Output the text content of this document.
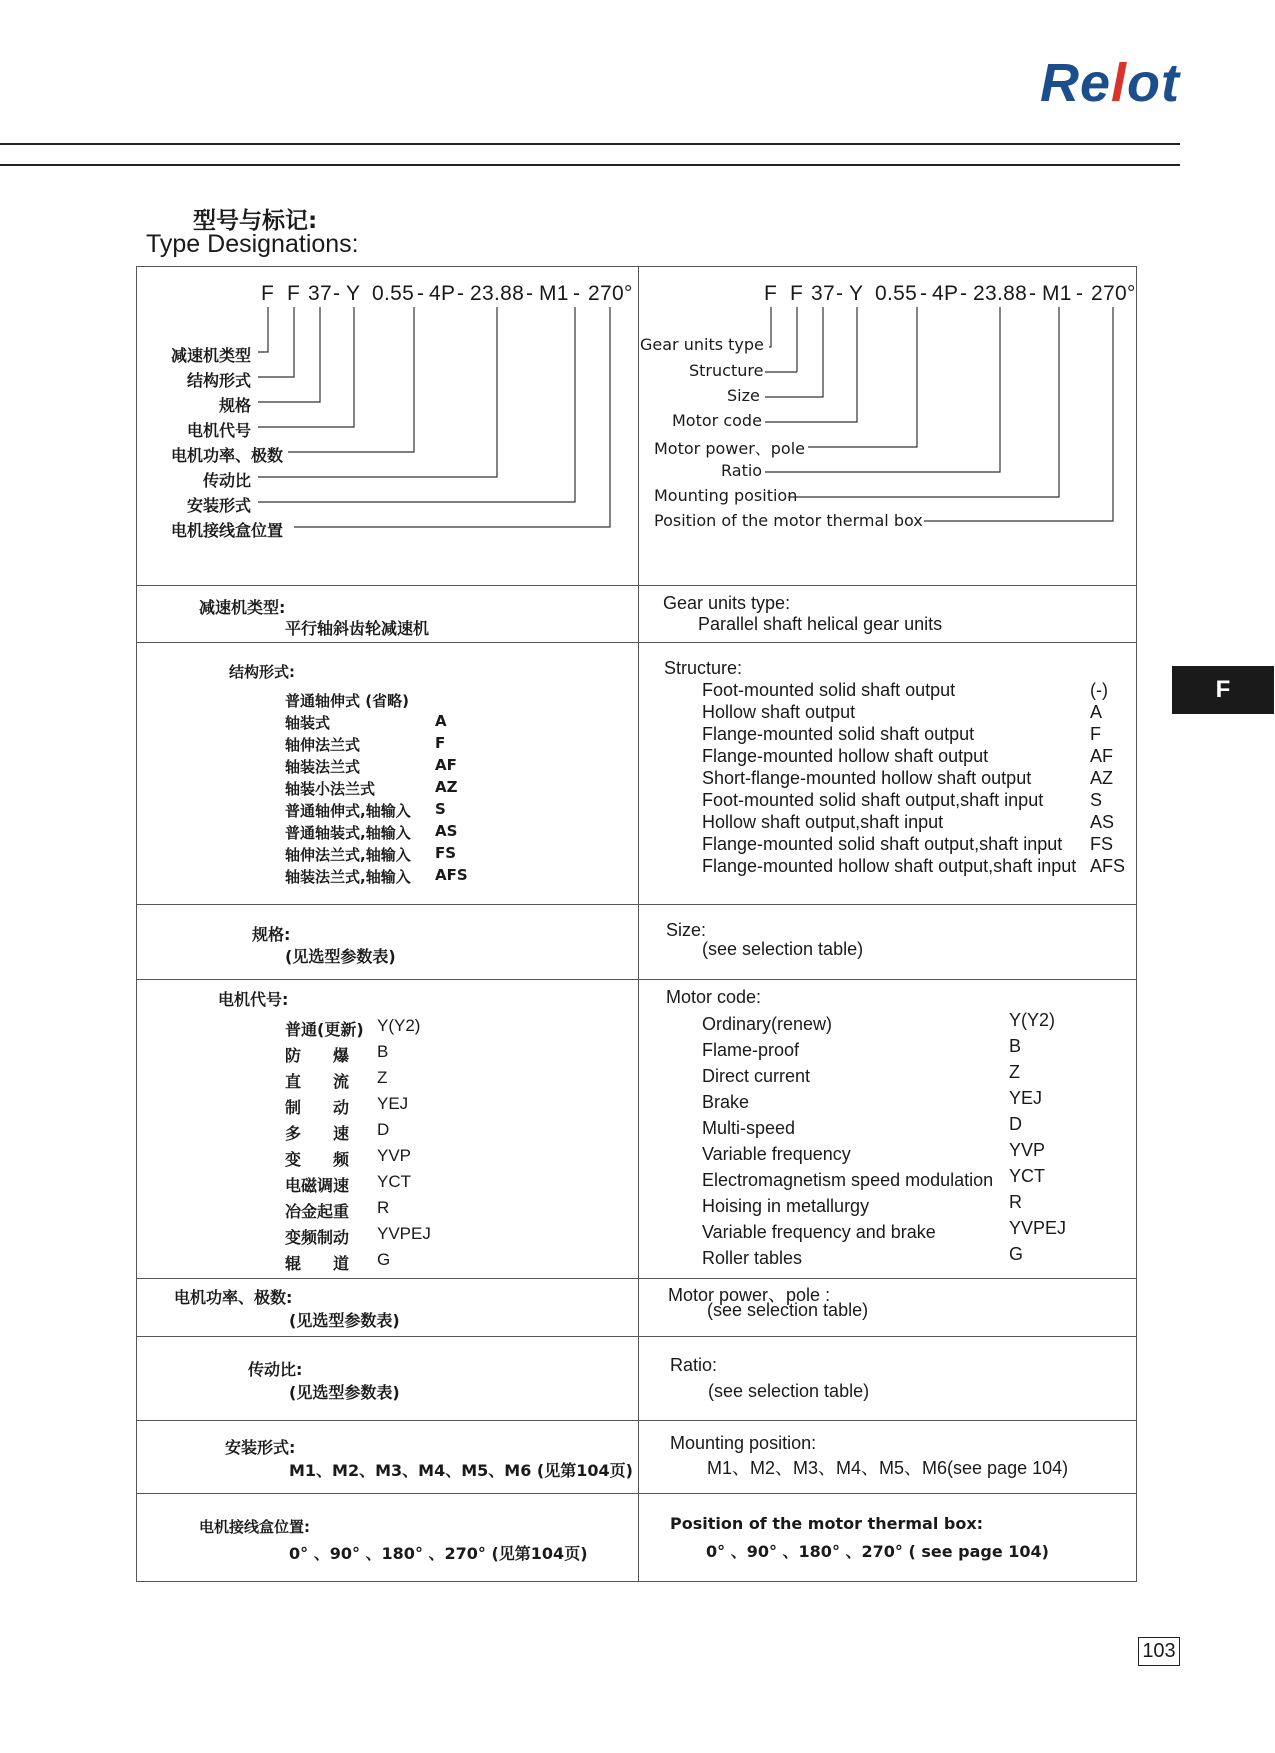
Relot
型号与标记:
Type Designations:
F F 37 - Y 0.55 - 4P - 23.88 - M1 - 270°	F F 37 - Y 0.55 - 4P - 23.88 - M1 - 270°
减速机类型
结构形式
规格
电机代号
电机功率、极数
传动比
安装形式
电机接线盒位置
Gear units type
Structure
Size
Motor code
Motor power、pole
Ratio
Mounting position
Position of the motor thermal box
减速机类型:
平行轴斜齿轮减速机
Gear units type:
Parallel shaft helical gear units
结构形式:
普通轴伸式 (省略)
轴装式
轴伸法兰式
轴装法兰式
轴装小法兰式
普通轴伸式,轴输入
普通轴装式,轴输入
轴伸法兰式,轴输入
轴装法兰式,轴输入
A
F
AF
AZ
S
AS
FS
AFS
Structure:
Foot-mounted solid shaft output
Hollow shaft output
Flange-mounted solid shaft output
Flange-mounted hollow shaft output
Short-flange-mounted hollow shaft output
Foot-mounted solid shaft output,shaft input
Hollow shaft output,shaft input
Flange-mounted solid shaft output,shaft input
Flange-mounted hollow shaft output,shaft input
(-)
A
F
AF
AZ
S
AS
FS
AFS
规格:
(见选型参数表)
Size:
(see selection table)
电机代号:
普通(更新)
防　　爆
直　　流
制　　动
多　　速
变　　频
电磁调速
冶金起重
变频制动
辊　　道
Y(Y2)
B
Z
YEJ
D
YVP
YCT
R
YVPEJ
G
Motor code:
Ordinary(renew)
Flame-proof
Direct current
Brake
Multi-speed
Variable frequency
Electromagnetism speed modulation
Hoising in metallurgy
Variable frequency and brake
Roller tables
Y(Y2)
B
Z
YEJ
D
YVP
YCT
R
YVPEJ
G
电机功率、极数:
(见选型参数表)
Motor power、pole :
(see selection table)
传动比:
(见选型参数表)
Ratio:
(see selection table)
安装形式:
M1、M2、M3、M4、M5、M6 (见第104页)
Mounting position:
M1、M2、M3、M4、M5、M6(see page 104)
电机接线盒位置:
0° 、90° 、180° 、270° (见第104页)
Position of the motor thermal box:
0° 、90° 、180° 、270° ( see page 104)
F
103
